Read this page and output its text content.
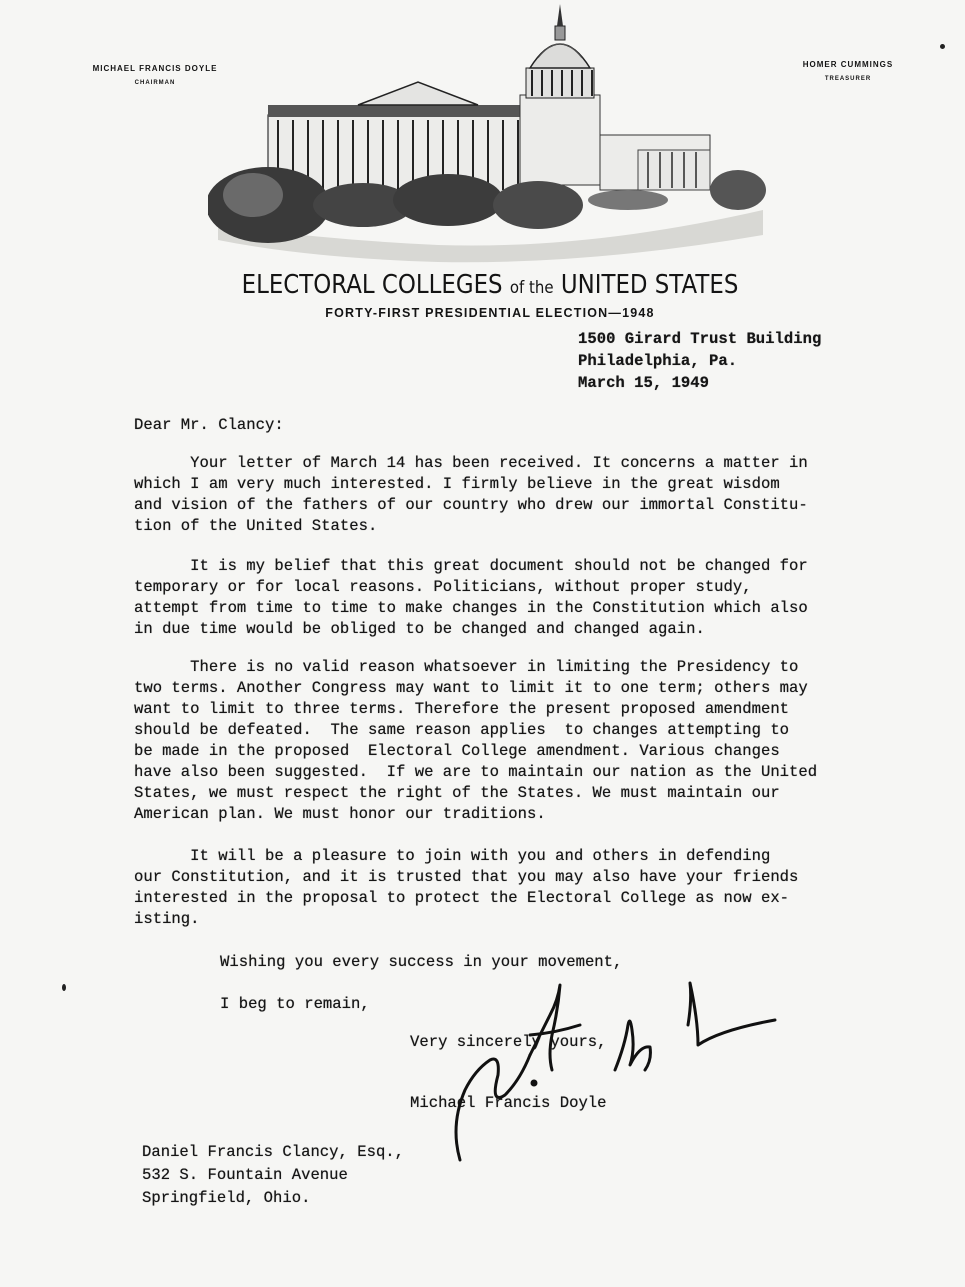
MICHAEL FRANCIS DOYLE
CHAIRMAN
HOMER CUMMINGS
TREASURER
ELECTORAL COLLEGES of the UNITED STATES
FORTY-FIRST PRESIDENTIAL ELECTION—1948
1500 Girard Trust Building
Philadelphia, Pa.
March 15, 1949
Dear Mr. Clancy:
Your letter of March 14 has been received. It concerns a matter in
which I am very much interested. I firmly believe in the great wisdom
and vision of the fathers of our country who drew our immortal Constitu-
tion of the United States.
It is my belief that this great document should not be changed for
temporary or for local reasons. Politicians, without proper study,
attempt from time to time to make changes in the Constitution which also
in due time would be obliged to be changed and changed again.
There is no valid reason whatsoever in limiting the Presidency to
two terms. Another Congress may want to limit it to one term; others may
want to limit to three terms. Therefore the present proposed amendment
should be defeated.  The same reason applies  to changes attempting to
be made in the proposed  Electoral College amendment. Various changes
have also been suggested.  If we are to maintain our nation as the United
States, we must respect the right of the States. We must maintain our
American plan. We must honor our traditions.
It will be a pleasure to join with you and others in defending
our Constitution, and it is trusted that you may also have your friends
interested in the proposal to protect the Electoral College as now ex-
isting.
Wishing you every success in your movement,
I beg to remain,
Very sincerely yours,
Michael Francis Doyle
Daniel Francis Clancy, Esq.,
532 S. Fountain Avenue
Springfield, Ohio.
